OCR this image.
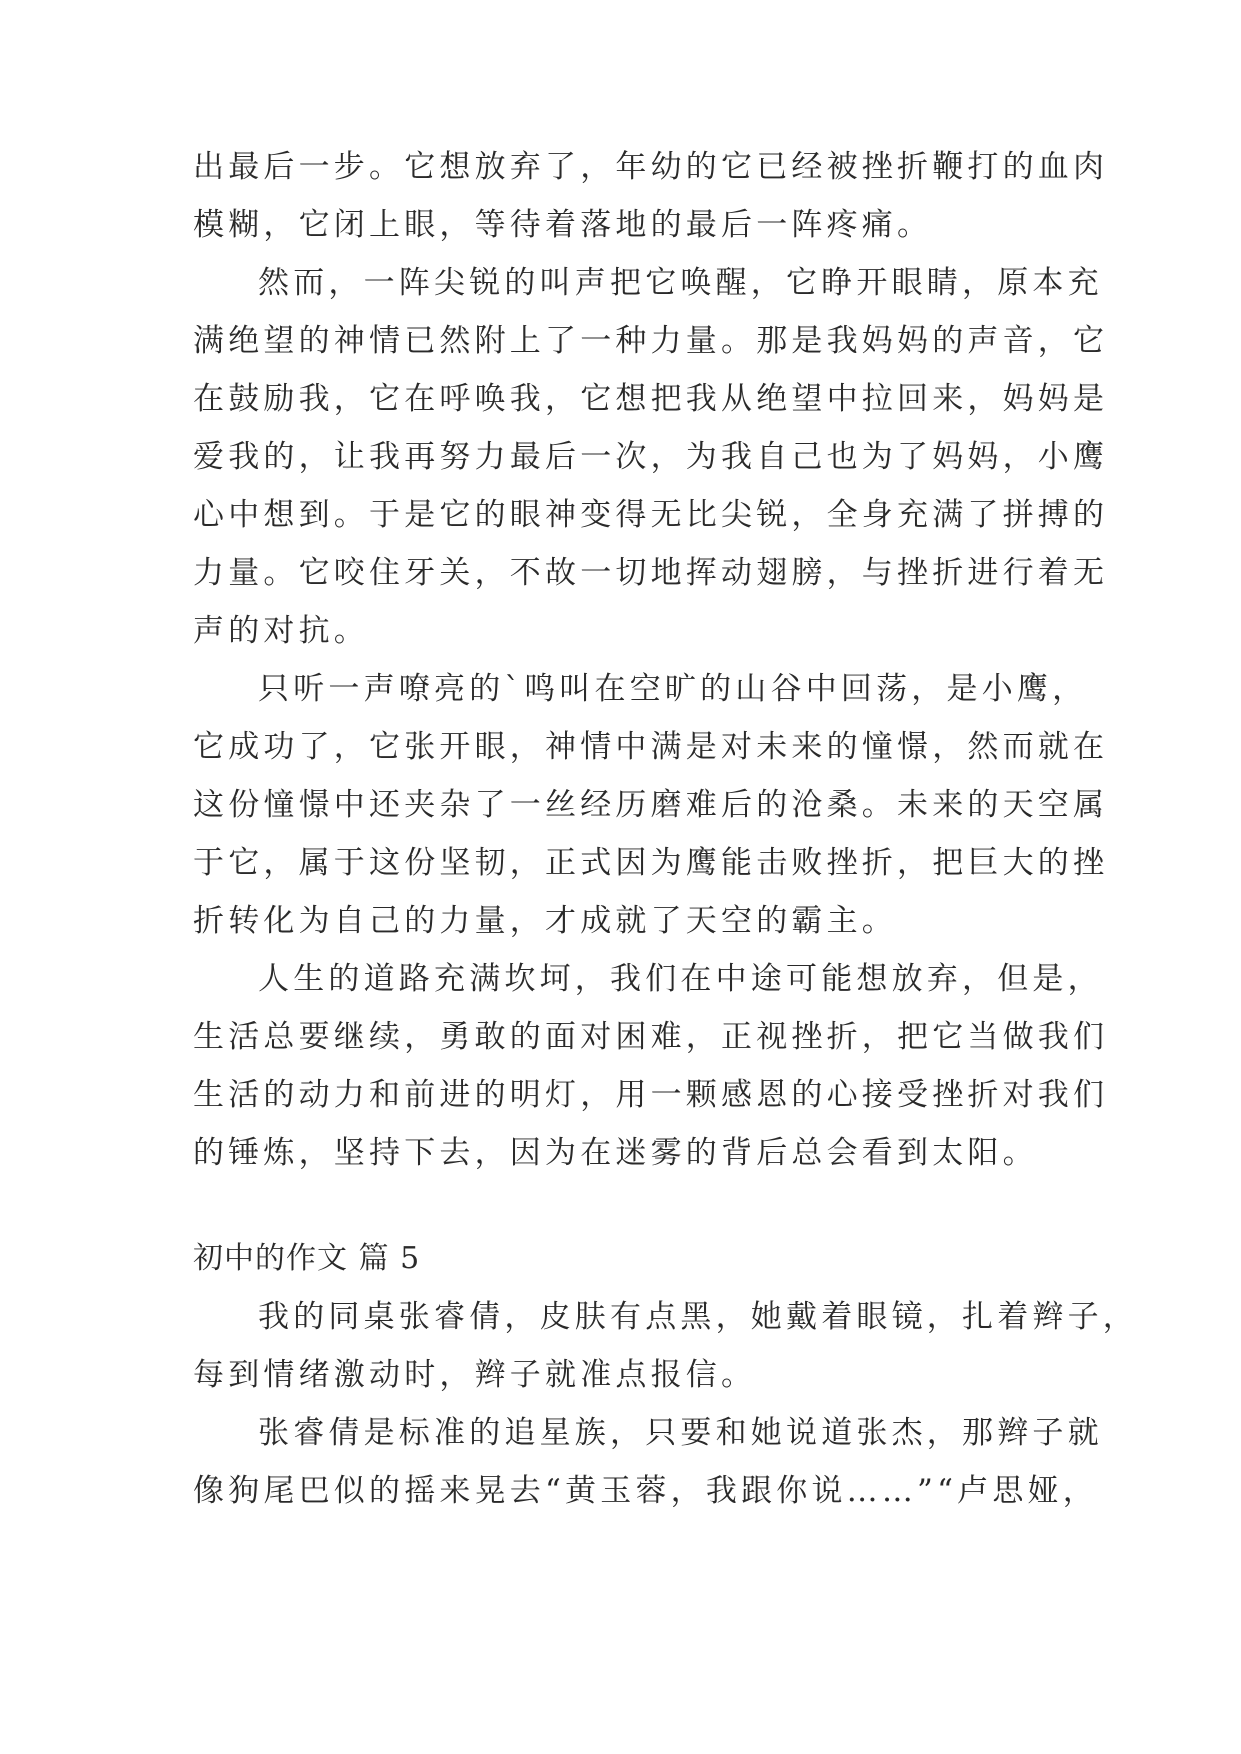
出最后一步。它想放弃了，年幼的它已经被挫折鞭打的血肉
模糊，它闭上眼，等待着落地的最后一阵疼痛。
然而，一阵尖锐的叫声把它唤醒，它睁开眼睛，原本充
满绝望的神情已然附上了一种力量。那是我妈妈的声音，它
在鼓励我，它在呼唤我，它想把我从绝望中拉回来，妈妈是
爱我的，让我再努力最后一次，为我自己也为了妈妈，小鹰
心中想到。于是它的眼神变得无比尖锐，全身充满了拼搏的
力量。它咬住牙关，不故一切地挥动翅膀，与挫折进行着无
声的对抗。
只听一声嘹亮的`鸣叫在空旷的山谷中回荡，是小鹰，
它成功了，它张开眼，神情中满是对未来的憧憬，然而就在
这份憧憬中还夹杂了一丝经历磨难后的沧桑。未来的天空属
于它，属于这份坚韧，正式因为鹰能击败挫折，把巨大的挫
折转化为自己的力量，才成就了天空的霸主。
人生的道路充满坎坷，我们在中途可能想放弃，但是，
生活总要继续，勇敢的面对困难，正视挫折，把它当做我们
生活的动力和前进的明灯，用一颗感恩的心接受挫折对我们
的锤炼，坚持下去，因为在迷雾的背后总会看到太阳。
初中的作文 篇 5
我的同桌张睿倩，皮肤有点黑，她戴着眼镜，扎着辫子，
每到情绪激动时，辫子就准点报信。
张睿倩是标准的追星族，只要和她说道张杰，那辫子就
像狗尾巴似的摇来晃去“黄玉蓉，我跟你说……”“卢思娅，
